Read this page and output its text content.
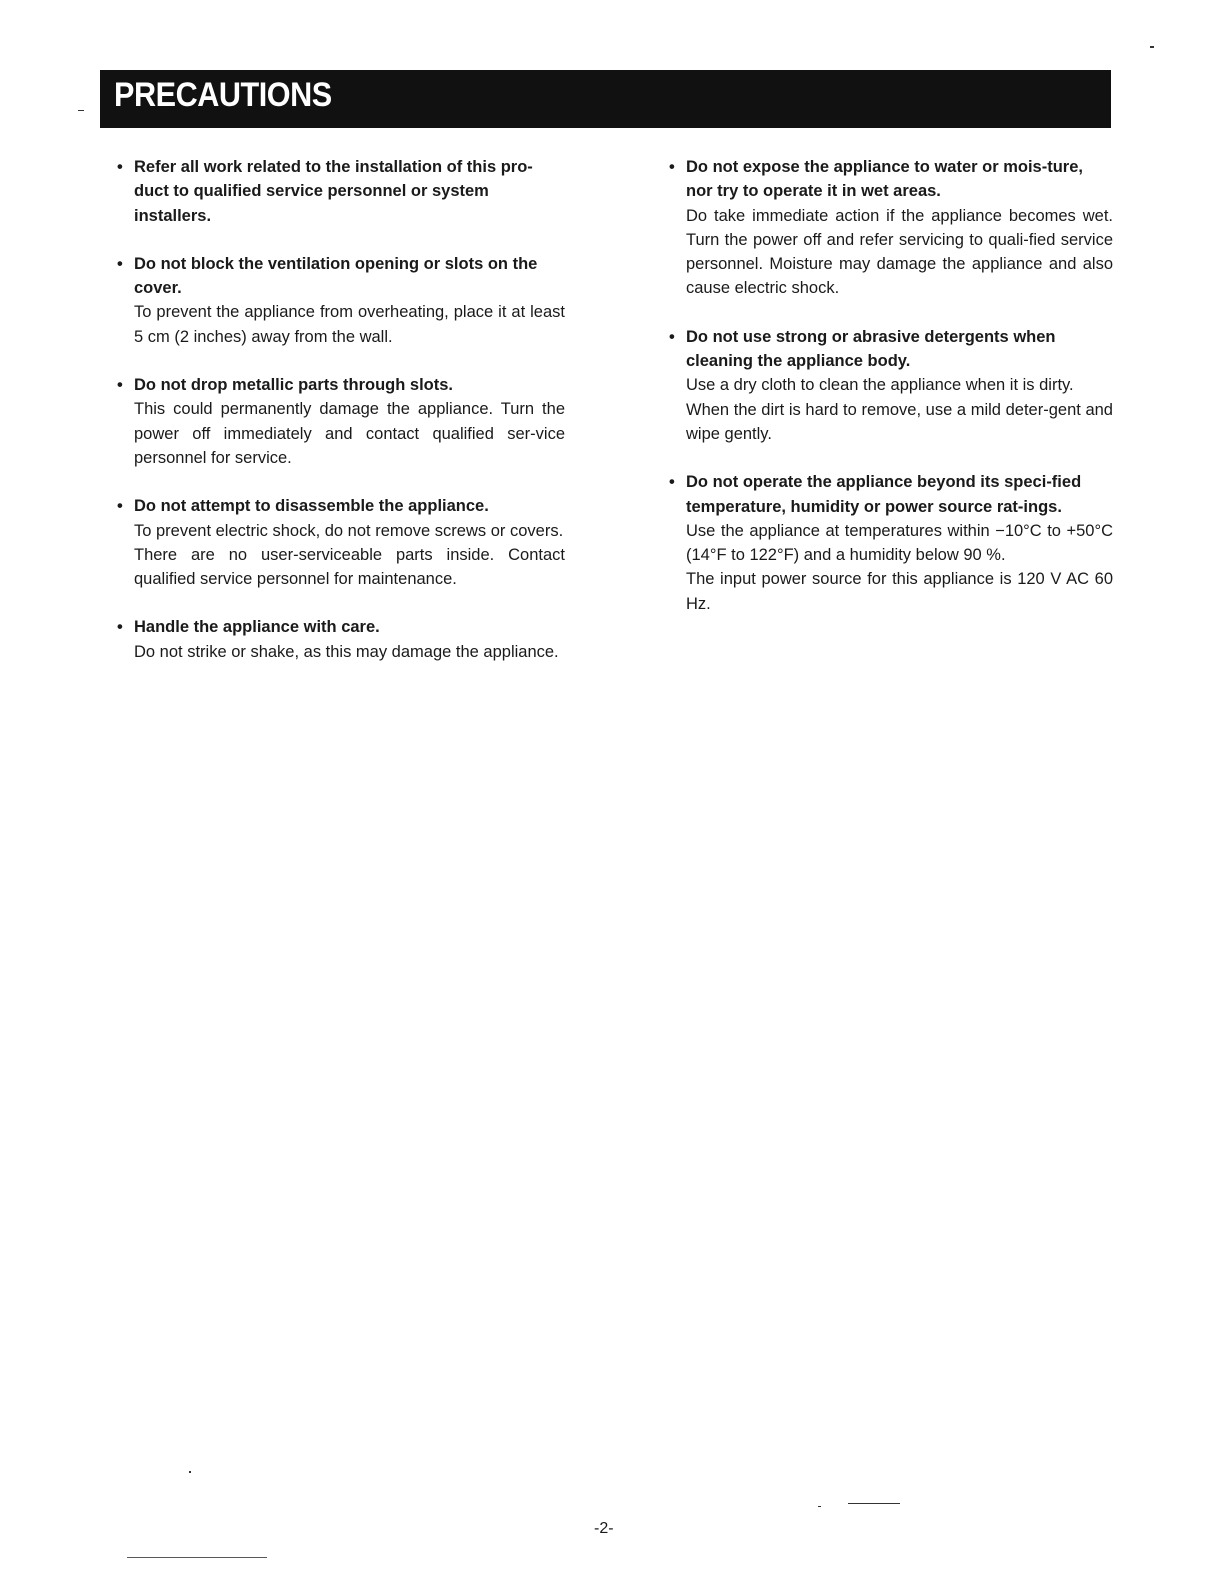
PRECAUTIONS
• Refer all work related to the installation of this pro-duct to qualified service personnel or system installers.

• Do not block the ventilation opening or slots on the cover.

To prevent the appliance from overheating, place it at least 5 cm (2 inches) away from the wall.

• Do not drop metallic parts through slots.

This could permanently damage the appliance. Turn the power off immediately and contact qualified ser-vice personnel for service.

• Do not attempt to disassemble the appliance.

To prevent electric shock, do not remove screws or covers.

There are no user-serviceable parts inside. Contact qualified service personnel for maintenance.

• Handle the appliance with care.

Do not strike or shake, as this may damage the appliance.

• Do not expose the appliance to water or mois-ture, nor try to operate it in wet areas.

Do take immediate action if the appliance becomes wet. Turn the power off and refer servicing to quali-fied service personnel. Moisture may damage the appliance and also cause electric shock.

• Do not use strong or abrasive detergents when cleaning the appliance body.

Use a dry cloth to clean the appliance when it is dirty.

When the dirt is hard to remove, use a mild deter-gent and wipe gently.

• Do not operate the appliance beyond its speci-fied temperature, humidity or power source rat-ings.

Use the appliance at temperatures within −10°C to +50°C (14°F to 122°F) and a humidity below 90 %.

The input power source for this appliance is 120 V AC 60 Hz.

-2-
